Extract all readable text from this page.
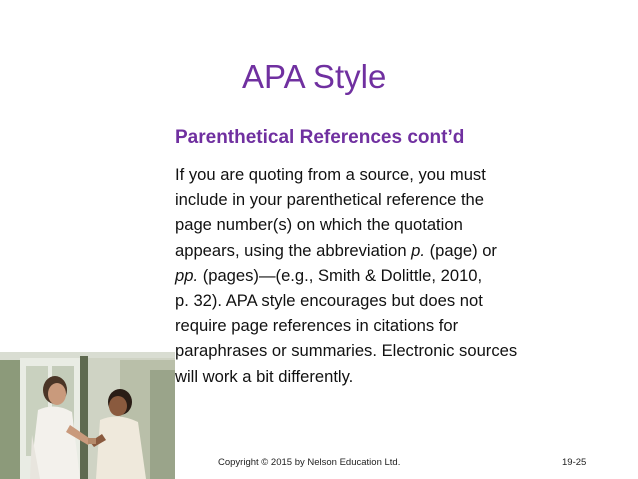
APA Style
Parenthetical References cont’d
If you are quoting from a source, you must
include in your parenthetical reference the
page number(s) on which the quotation
appears, using the abbreviation p. (page) or
pp. (pages)—(e.g., Smith & Dolittle, 2010,
p. 32). APA style encourages but does not
require page references in citations for
paraphrases or summaries. Electronic sources
will work a bit differently.
Copyright © 2015 by Nelson Education Ltd.	19-25
